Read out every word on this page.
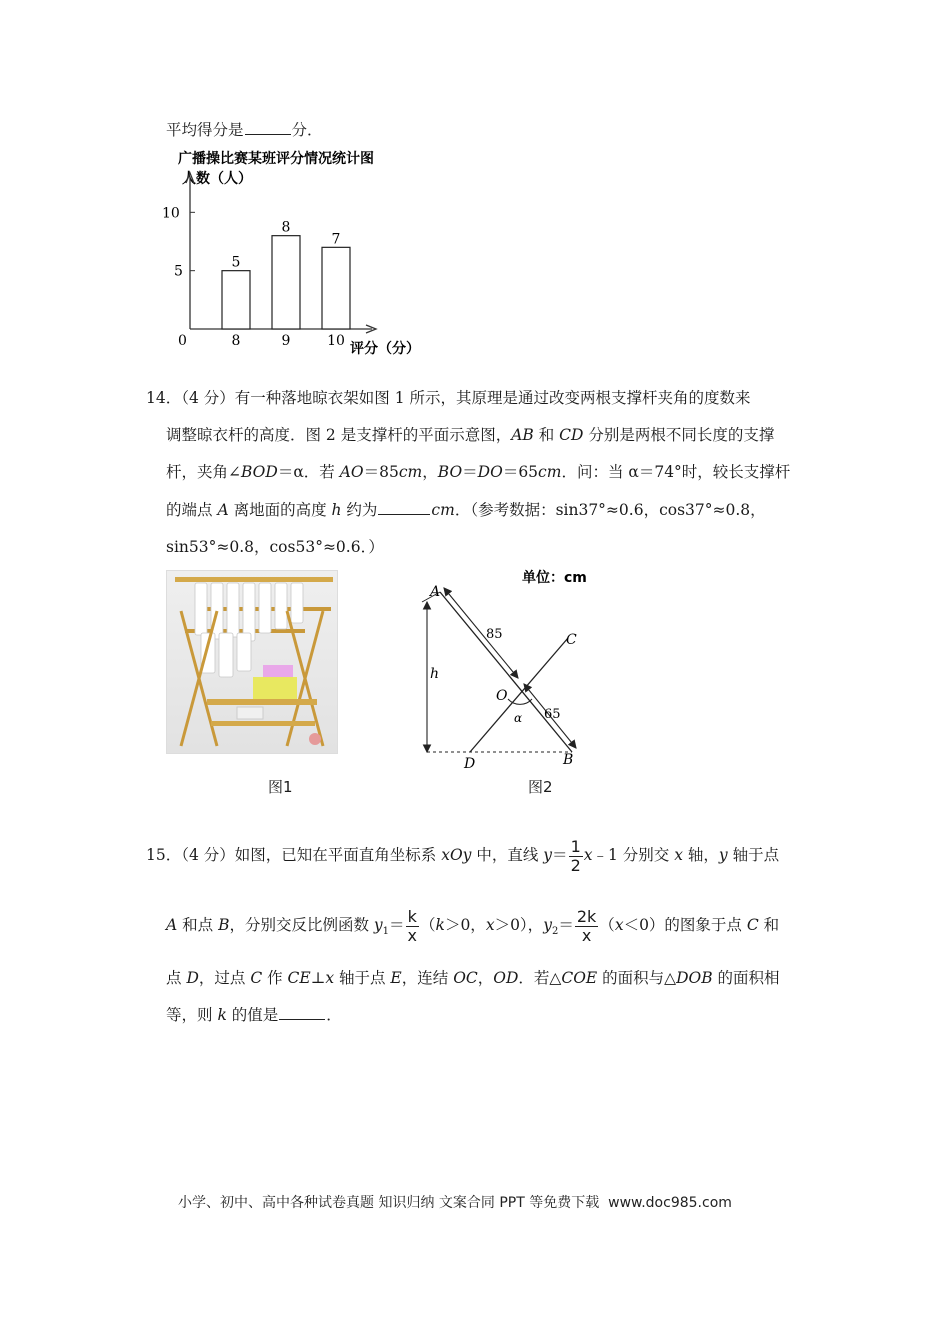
平均得分是	分．
广播操比赛某班评分情况统计图
人数（人）
0
5
10
5
8
8
9
7
10 评分（分）
14．（4 分）有一种落地晾衣架如图 1 所示，其原理是通过改变两根支撑杆夹角的度数来
调整晾衣杆的高度．图 2 是支撑杆的平面示意图，AB 和 CD 分别是两根不同长度的支撑
杆，夹角∠BOD＝α．若 AO＝85cm，BO＝DO＝65cm．问：当 α＝74°时，较长支撑杆
的端点 A 离地面的高度 h 约为	cm．（参考数据：sin37°≈0.6，cos37°≈0.8，
sin53°≈0.8，cos53°≈0.6．）
图1
单位：cm
A
B
C
D
O
h
α
85
65
图2
15．（4 分）如图，已知在平面直角坐标系 xOy 中，直线 $y= \frac{1}{2}$ x﹣1 分别交 x 轴，y 轴于点
A 和点 B，分别交反比例函数 $y_1= \frac{k}{x} (k>0$，x＞0），$y_2= \frac{2k}{x} (x<0)$的图象于点 C 和
点 D，过点 C 作 CE⊥x 轴于点 E，连结 OC，OD．若△COE 的面积与△DOB 的面积相
等，则 k 的值是	．
小学、初中、高中各种试卷真题 知识归纳 文案合同 PPT 等免费下载 www.doc985.com
